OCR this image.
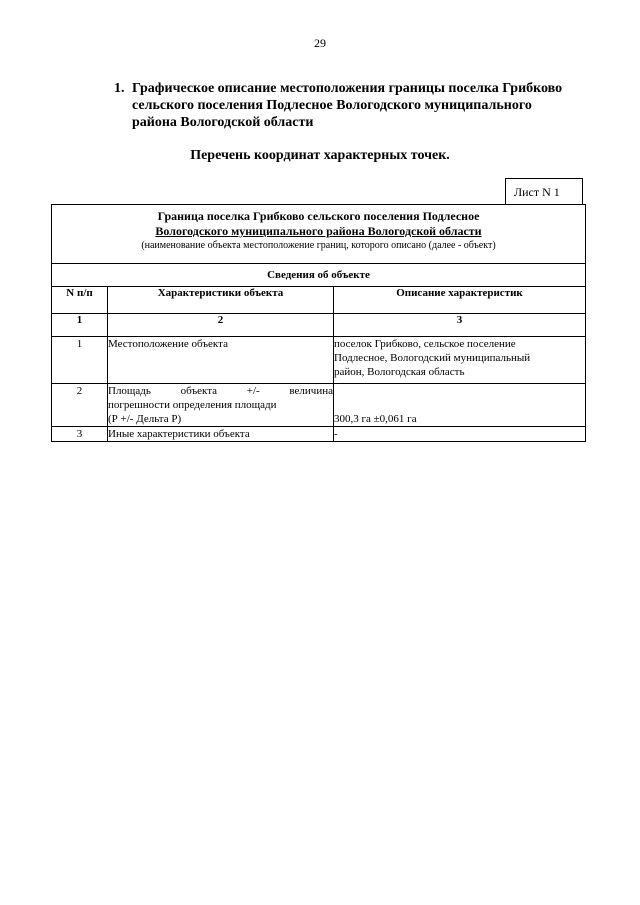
29
1. Графическое описание местоположения границы поселка Грибково
сельского поселения Подлесное Вологодского муниципального
района Вологодской области
Перечень координат характерных точек.
Лист N 1
Граница поселка Грибково сельского поселения Подлесное
Вологодского муниципального района Вологодской области
(наименование объекта местоположение границ, которого описано (далее - объект)		

Сведения об объекте		
N п/п	Характеристики объекта	Описание характеристик
1	2	3
1	Местоположение объекта	поселок Грибково, сельское поселение
Подлесное, Вологодский муниципальный
район, Вологодская область

2	Площадь объекта +/- величина
погрешности определения площади
(Р +/- Дельта Р)	300,3 га ±0,061 га

3	Иные характеристики объекта	-
